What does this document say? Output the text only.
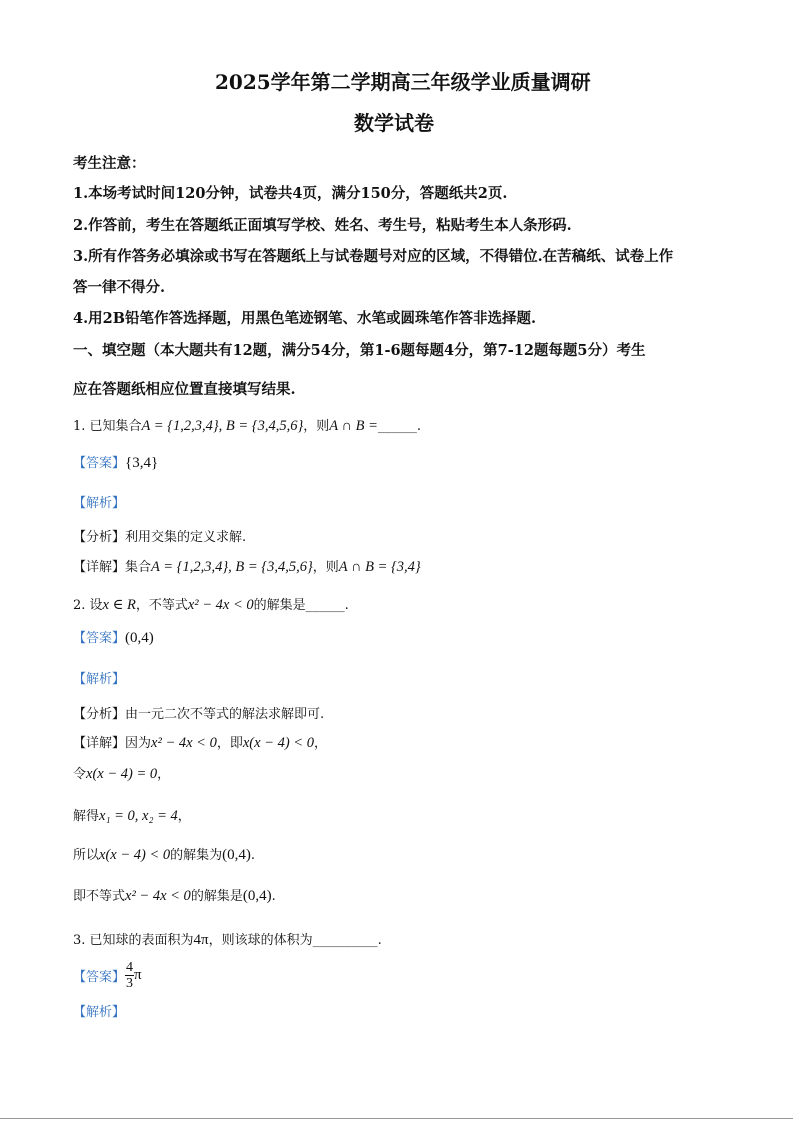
2025学年第二学期高三年级学业质量调研
数学试卷
考生注意：
1.本场考试时间120分钟，试卷共4页，满分150分，答题纸共2页.
2.作答前，考生在答题纸正面填写学校、姓名、考生号，粘贴考生本人条形码.
3.所有作答务必填涂或书写在答题纸上与试卷题号对应的区域，不得错位.在苦稿纸、试卷上作
答一律不得分.
4.用2B铅笔作答选择题，用黑色笔迹钢笔、水笔或圆珠笔作答非选择题.
一、填空题（本大题共有12题，满分54分，第1-6题每题4分，第7-12题每题5分）考生
应在答题纸相应位置直接填写结果.
1. 已知集合A = {1,2,3,4}, B = {3,4,5,6}，则A ∩ B =______.
【答案】{3,4}
【解析】
【分析】利用交集的定义求解.
【详解】集合A = {1,2,3,4}, B = {3,4,5,6}，则A ∩ B = {3,4}
2. 设x ∈ R，不等式x² − 4x < 0的解集是______.
【答案】(0,4)
【解析】
【分析】由一元二次不等式的解法求解即可.
【详解】因为x² − 4x < 0，即x(x − 4) < 0，
令x(x − 4) = 0，
解得x₁ = 0, x₂ = 4，
所以x(x − 4) < 0的解集为(0,4).
即不等式x² − 4x < 0的解集是(0,4).
3. 已知球的表面积为4π，则该球的体积为__________.
【答案】 $\frac{4}{3}$ π
【解析】
